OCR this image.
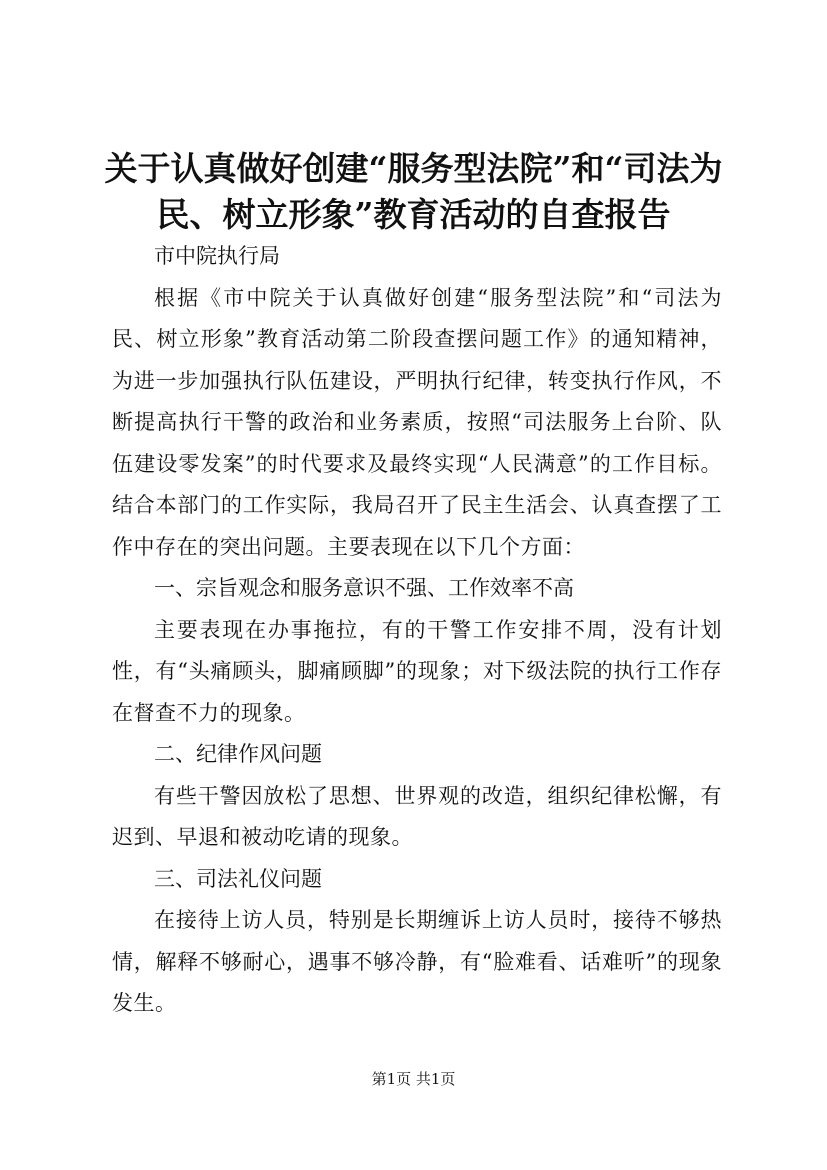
关于认真做好创建“服务型法院”和“司法为民、树立形象”教育活动的自查报告

市中院执行局

根据《市中院关于认真做好创建“服务型法院”和“司法为民、树立形象”教育活动第二阶段查摆问题工作》的通知精神，为进一步加强执行队伍建设，严明执行纪律，转变执行作风，不断提高执行干警的政治和业务素质，按照“司法服务上台阶、队伍建设零发案”的时代要求及最终实现“人民满意”的工作目标。结合本部门的工作实际，我局召开了民主生活会、认真查摆了工作中存在的突出问题。主要表现在以下几个方面：

一、宗旨观念和服务意识不强、工作效率不高

主要表现在办事拖拉，有的干警工作安排不周，没有计划性，有“头痛顾头，脚痛顾脚”的现象；对下级法院的执行工作存在督查不力的现象。

二、纪律作风问题

有些干警因放松了思想、世界观的改造，组织纪律松懈，有迟到、早退和被动吃请的现象。

三、司法礼仪问题

在接待上访人员，特别是长期缠诉上访人员时，接待不够热情，解释不够耐心，遇事不够冷静，有“脸难看、话难听”的现象发生。

第1页 共1页
